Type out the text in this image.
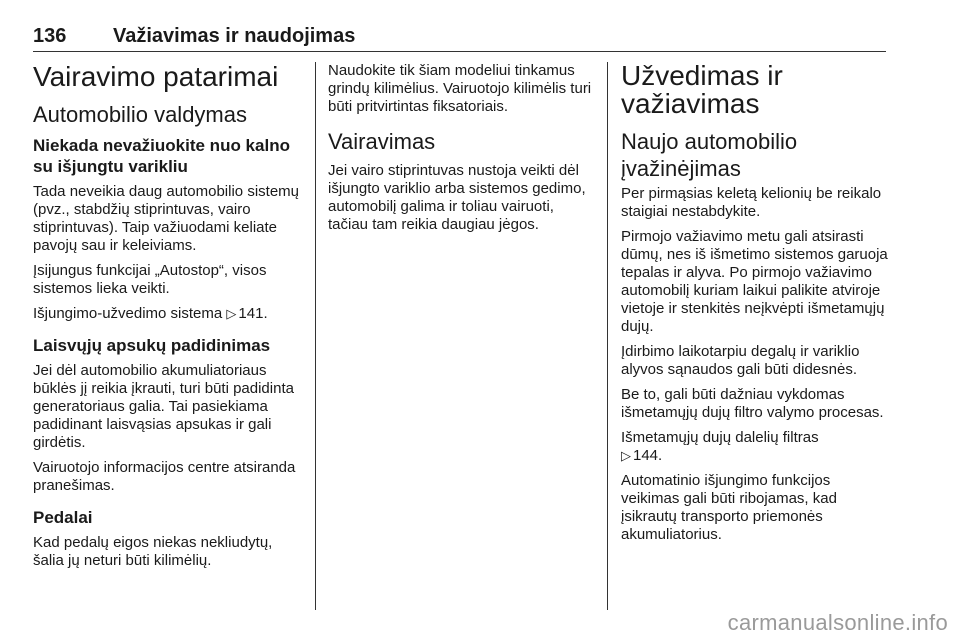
136 Važiavimas ir naudojimas
Vairavimo patarimai
Automobilio valdymas
Niekada nevažiuokite nuo kalno su išjungtu varikliu

Tada neveikia daug automobilio sistemų (pvz., stabdžių stiprintuvas, vairo stiprintuvas). Taip važiuodami keliate pavojų sau ir keleiviams.

Įsijungus funkcijai „Autostop“, visos sistemos lieka veikti.

Išjungimo-užvedimo sistema ▷ 141.

Laisvųjų apsukų padidinimas

Jei dėl automobilio akumuliatoriaus būklės jį reikia įkrauti, turi būti padidinta generatoriaus galia. Tai pasiekiama padidinant laisvąsias apsukas ir gali girdėtis.

Vairuotojo informacijos centre atsiranda pranešimas.

Pedalai

Kad pedalų eigos niekas nekliudytų, šalia jų neturi būti kilimėlių.

Naudokite tik šiam modeliui tinkamus grindų kilimėlius. Vairuotojo kilimėlis turi būti pritvirtintas fiksatoriais.

Vairavimas

Jei vairo stiprintuvas nustoja veikti dėl išjungto variklio arba sistemos gedimo, automobilį galima ir toliau vairuoti, tačiau tam reikia daugiau jėgos.

Užvedimas ir važiavimas
Naujo automobilio įvažinėjimas

Per pirmąsias keletą kelionių be reikalo staigiai nestabdykite.

Pirmojo važiavimo metu gali atsirasti dūmų, nes iš išmetimo sistemos garuoja tepalas ir alyva. Po pirmojo važiavimo automobilį kuriam laikui palikite atviroje vietoje ir stenkitės neįkvėpti išmetamųjų dujų.

Įdirbimo laikotarpiu degalų ir variklio alyvos sąnaudos gali būti didesnės.

Be to, gali būti dažniau vykdomas išmetamųjų dujų filtro valymo procesas.

Išmetamųjų dujų dalelių filtras
▷ 144.

Automatinio išjungimo funkcijos veikimas gali būti ribojamas, kad įsikrautų transporto priemonės akumuliatorius.

carmanualsonline.info
